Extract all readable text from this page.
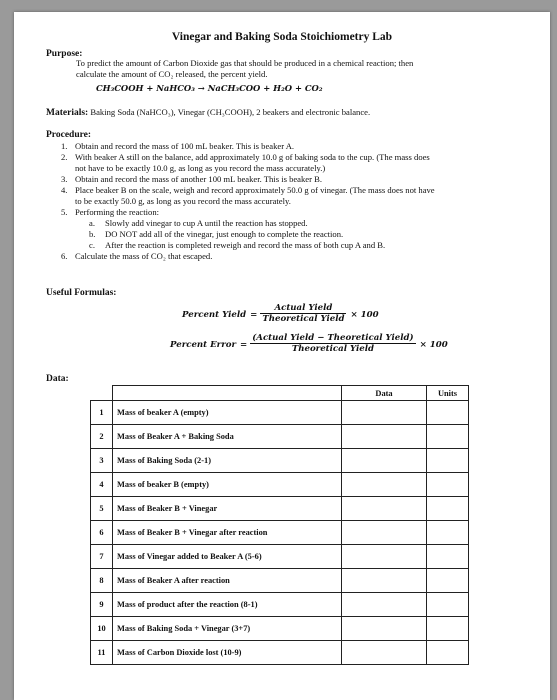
Vinegar and Baking Soda Stoichiometry Lab
Purpose:
To predict the amount of Carbon Dioxide gas that should be produced in a chemical reaction; then
calculate the amount of CO₂ released, the percent yield.
CH₃COOH + NaHCO₃ → NaCH₃COO + H₂O + CO₂
Materials: Baking Soda (NaHCO₃), Vinegar (CH₃COOH), 2 beakers and electronic balance.
Procedure:
1. Obtain and record the mass of 100 mL beaker. This is beaker A.
2. With beaker A still on the balance, add approximately 10.0 g of baking soda to the cup. (The mass does
not have to be exactly 10.0 g, as long as you record the mass accurately.)
3. Obtain and record the mass of another 100 mL beaker. This is beaker B.
4. Place beaker B on the scale, weigh and record approximately 50.0 g of vinegar. (The mass does not have
to be exactly 50.0 g, as long as you record the mass accurately.
5. Performing the reaction:
a. Slowly add vinegar to cup A until the reaction has stopped.
b. DO NOT add all of the vinegar, just enough to complete the reaction.
c. After the reaction is completed reweigh and record the mass of both cup A and B.
6. Calculate the mass of CO₂ that escaped.
Useful Formulas:
Percent Yield = $\frac{\text{Actual Yield}}{\text{Theoretical Yield}} \times 100$
Percent Error = $\frac{\text{(Actual Yield − Theoretical Yield)}}{\text{Theoretical Yield}} \times 100$
Data:
		Data	Units
1	Mass of beaker A (empty)		
2	Mass of Beaker A + Baking Soda		
3	Mass of Baking Soda (2-1)		
4	Mass of beaker B (empty)		
5	Mass of Beaker B + Vinegar		
6	Mass of Beaker B + Vinegar after reaction		
7	Mass of Vinegar added to Beaker A (5-6)		
8	Mass of Beaker A after reaction		
9	Mass of product after the reaction (8-1)		
10	Mass of Baking Soda + Vinegar (3+7)		
11	Mass of Carbon Dioxide lost (10-9)		
